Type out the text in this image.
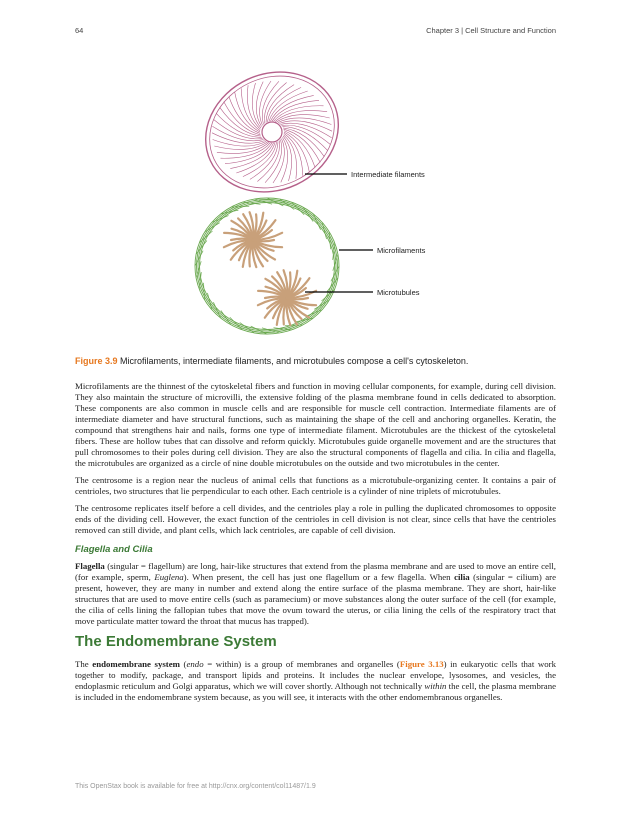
64	Chapter 3 | Cell Structure and Function
Intermediate filaments
Microfilaments
Microtubules
Figure 3.9 Microfilaments, intermediate filaments, and microtubules compose a cell's cytoskeleton.

Microfilaments are the thinnest of the cytoskeletal fibers and function in moving cellular components, for example, during cell division. They also maintain the structure of microvilli, the extensive folding of the plasma membrane found in cells dedicated to absorption. These components are also common in muscle cells and are responsible for muscle cell contraction. Intermediate filaments are of intermediate diameter and have structural functions, such as maintaining the shape of the cell and anchoring organelles. Keratin, the compound that strengthens hair and nails, forms one type of intermediate filament. Microtubules are the thickest of the cytoskeletal fibers. These are hollow tubes that can dissolve and reform quickly. Microtubules guide organelle movement and are the structures that pull chromosomes to their poles during cell division. They are also the structural components of flagella and cilia. In cilia and flagella, the microtubules are organized as a circle of nine double microtubules on the outside and two microtubules in the center.

The centrosome is a region near the nucleus of animal cells that functions as a microtubule-organizing center. It contains a pair of centrioles, two structures that lie perpendicular to each other. Each centriole is a cylinder of nine triplets of microtubules.

The centrosome replicates itself before a cell divides, and the centrioles play a role in pulling the duplicated chromosomes to opposite ends of the dividing cell. However, the exact function of the centrioles in cell division is not clear, since cells that have the centrioles removed can still divide, and plant cells, which lack centrioles, are capable of cell division.

Flagella and Cilia

Flagella (singular = flagellum) are long, hair-like structures that extend from the plasma membrane and are used to move an entire cell, (for example, sperm, Euglena). When present, the cell has just one flagellum or a few flagella. When cilia (singular = cilium) are present, however, they are many in number and extend along the entire surface of the plasma membrane. They are short, hair-like structures that are used to move entire cells (such as paramecium) or move substances along the outer surface of the cell (for example, the cilia of cells lining the fallopian tubes that move the ovum toward the uterus, or cilia lining the cells of the respiratory tract that move particulate matter toward the throat that mucus has trapped).

The Endomembrane System

The endomembrane system (endo = within) is a group of membranes and organelles (Figure 3.13) in eukaryotic cells that work together to modify, package, and transport lipids and proteins. It includes the nuclear envelope, lysosomes, and vesicles, the endoplasmic reticulum and Golgi apparatus, which we will cover shortly. Although not technically within the cell, the plasma membrane is included in the endomembrane system because, as you will see, it interacts with the other endomembranous organelles.

This OpenStax book is available for free at http://cnx.org/content/col11487/1.9
